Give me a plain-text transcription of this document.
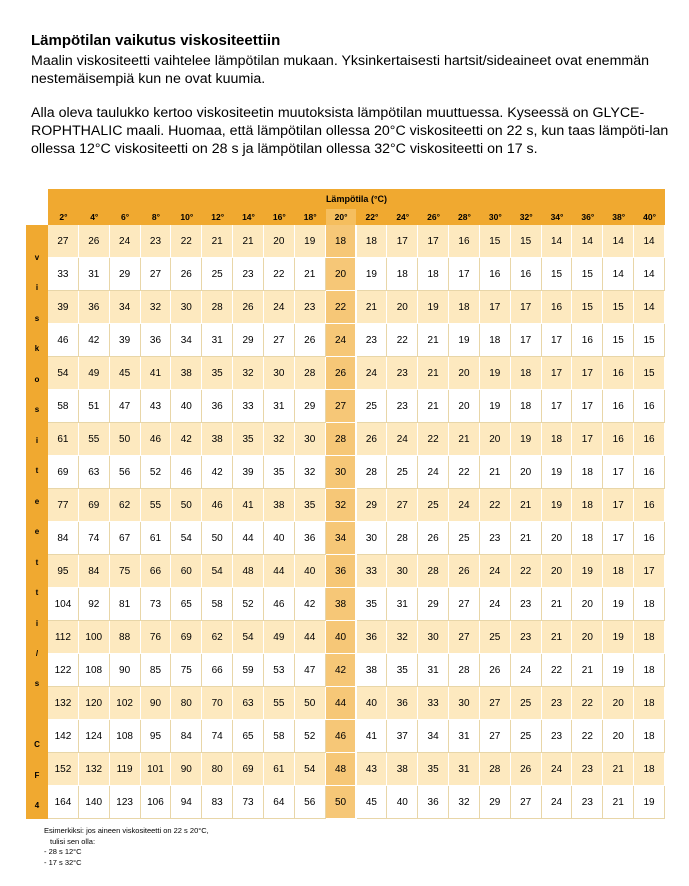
Lämpötilan vaikutus viskositeettiin

Maalin viskositeetti vaihtelee lämpötilan mukaan. Yksinkertaisesti hartsit/sideaineet ovat enemmän nestemäisempiä kun ne ovat kuumia.

Alla oleva taulukko kertoo viskositeetin muutoksista lämpötilan muuttuessa. Kyseessä on GLYCE-ROPHTHALIC maali. Huomaa, että lämpötilan ollessa 20°C viskositeetti on 22 s, kun taas lämpöti-lan ollessa 12°C viskositeetti on 28 s ja lämpötilan ollessa 32°C viskositeetti on 17 s.

Lämpötila (°C)
2°	4°	6°	8°	10°	12°	14°	16°	18°	20°	22°	24°	26°	28°	30°	32°	34°	36°	38°	40°
v
i
s
k
o
s
i
t
e
e
t
t
i
/
s
C
F
4
27	26	24	23	22	21	21	20	19	18	18	17	17	16	15	15	14	14	14	14
33	31	29	27	26	25	23	22	21	20	19	18	18	17	16	16	15	15	14	14
39	36	34	32	30	28	26	24	23	22	21	20	19	18	17	17	16	15	15	14
46	42	39	36	34	31	29	27	26	24	23	22	21	19	18	17	17	16	15	15
54	49	45	41	38	35	32	30	28	26	24	23	21	20	19	18	17	17	16	15
58	51	47	43	40	36	33	31	29	27	25	23	21	20	19	18	17	17	16	16
61	55	50	46	42	38	35	32	30	28	26	24	22	21	20	19	18	17	16	16
69	63	56	52	46	42	39	35	32	30	28	25	24	22	21	20	19	18	17	16
77	69	62	55	50	46	41	38	35	32	29	27	25	24	22	21	19	18	17	16
84	74	67	61	54	50	44	40	36	34	30	28	26	25	23	21	20	18	17	16
95	84	75	66	60	54	48	44	40	36	33	30	28	26	24	22	20	19	18	17
104	92	81	73	65	58	52	46	42	38	35	31	29	27	24	23	21	20	19	18
112	100	88	76	69	62	54	49	44	40	36	32	30	27	25	23	21	20	19	18
122	108	90	85	75	66	59	53	47	42	38	35	31	28	26	24	22	21	19	18
132	120	102	90	80	70	63	55	50	44	40	36	33	30	27	25	23	22	20	18
142	124	108	95	84	74	65	58	52	46	41	37	34	31	27	25	23	22	20	18
152	132	119	101	90	80	69	61	54	48	43	38	35	31	28	26	24	23	21	18
164	140	123	106	94	83	73	64	56	50	45	40	36	32	29	27	24	23	21	19
Esimerkiksi: jos aineen viskositeetti on 22 s 20°C,
tulisi sen olla:
- 28 s 12°C
- 17 s 32°C
